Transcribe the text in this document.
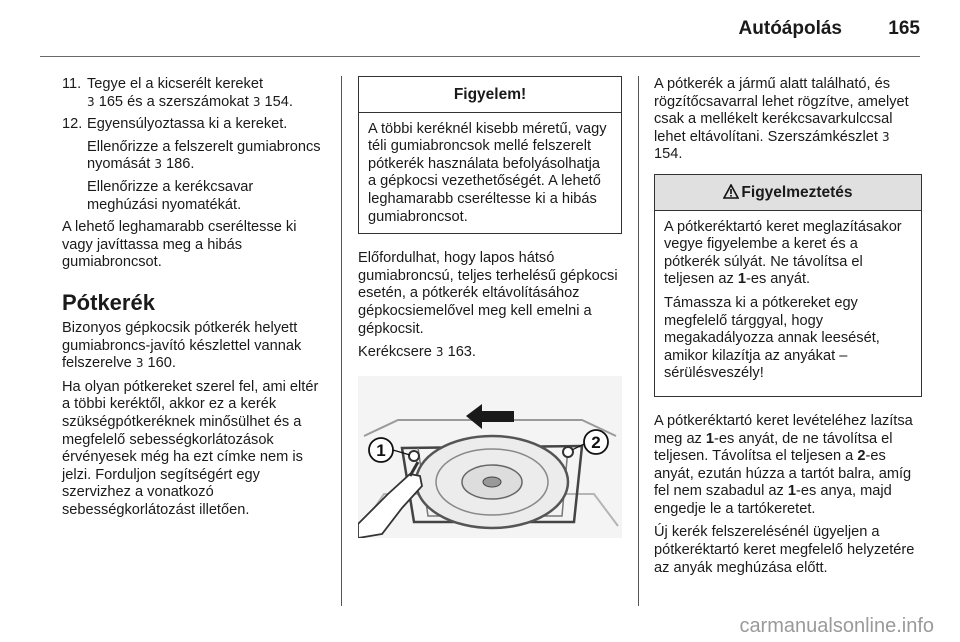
Autóápolás 165
11. Tegye el a kicserélt kereket
3 165 és a szerszámokat 3 154.
12. Egyensúlyoztassa ki a kereket.
Ellenőrizze a felszerelt gumiabroncs nyomását 3 186.
Ellenőrizze a kerékcsavar meghúzási nyomatékát.

A lehető leghamarabb cseréltesse ki vagy javíttassa meg a hibás gumiabroncsot.

Pótkerék

Bizonyos gépkocsik pótkerék helyett gumiabroncs-javító készlettel vannak felszerelve 3 160.

Ha olyan pótkereket szerel fel, ami eltér a többi keréktől, akkor ez a kerék szükségpótkeréknek minősülhet és a megfelelő sebességkorlátozások érvényesek még ha ezt címke nem is jelzi. Forduljon segítségért egy szervizhez a vonatkozó sebességkorlátozást illetően.

Figyelem!
A többi keréknél kisebb méretű, vagy téli gumiabroncsok mellé felszerelt pótkerék használata befolyásolhatja a gépkocsi vezethetőségét. A lehető leghamarabb cseréltesse ki a hibás gumiabroncsot.

Előfordulhat, hogy lapos hátsó gumiabroncsú, teljes terhelésű gépkocsi esetén, a pótkerék eltávolításához gépkocsiemelővel meg kell emelni a gépkocsit.

Kerékcsere 3 163.

1	2

A pótkerék a jármű alatt található, és rögzítőcsavarral lehet rögzítve, amelyet csak a mellékelt kerékcsavarkulccsal lehet eltávolítani. Szerszámkészlet 3 154.

Figyelmeztetés

A pótkeréktartó keret meglazításakor vegye figyelembe a keret és a pótkerék súlyát. Ne távolítsa el teljesen az 1-es anyát.

Támassza ki a pótkereket egy megfelelő tárggyal, hogy megakadályozza annak leesését, amikor kilazítja az anyákat – sérülésveszély!

A pótkeréktartó keret levételéhez lazítsa meg az 1-es anyát, de ne távolítsa el teljesen. Távolítsa el teljesen a 2-es anyát, ezután húzza a tartót balra, amíg fel nem szabadul az 1-es anya, majd engedje le a tartókeretet.

Új kerék felszerelésénél ügyeljen a pótkeréktartó keret megfelelő helyzetére az anyák meghúzása előtt.

carmanualsonline.info
